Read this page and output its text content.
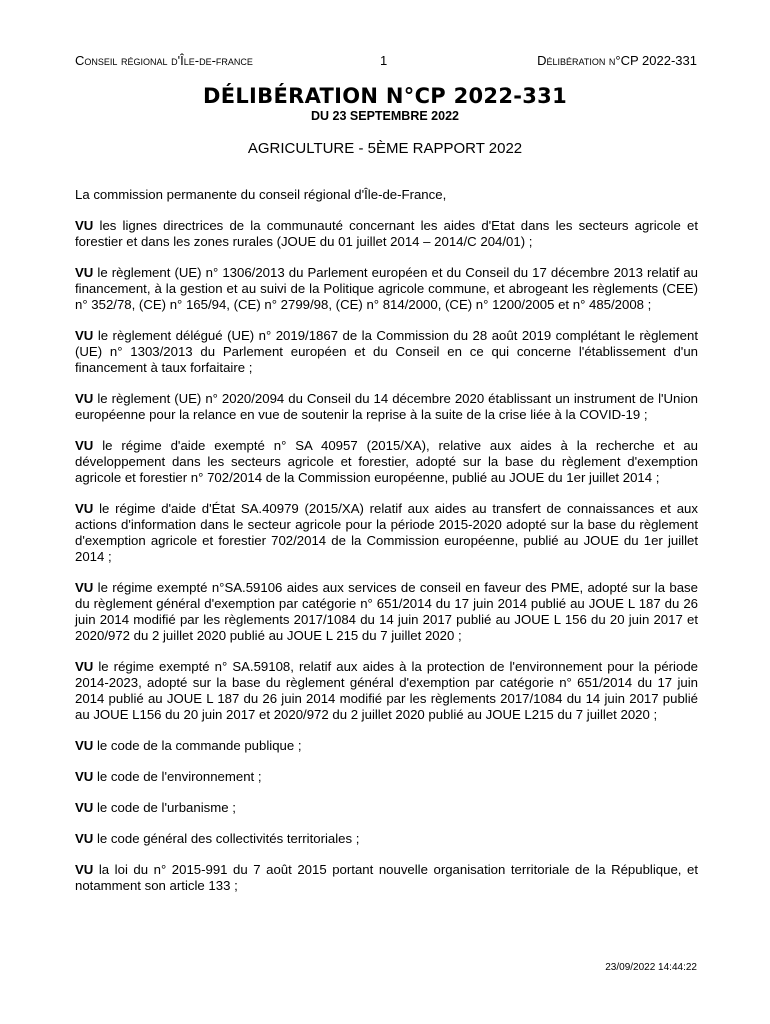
Conseil régional d'Île-de-france	1	Délibération n°CP 2022-331
DÉLIBÉRATION N°CP 2022-331
DU 23 SEPTEMBRE 2022
AGRICULTURE - 5ÈME RAPPORT 2022

La commission permanente du conseil régional d'Île-de-France,

VU les lignes directrices de la communauté concernant les aides d'Etat dans les secteurs agricole et forestier et dans les zones rurales (JOUE du 01 juillet 2014 – 2014/C 204/01) ;

VU le règlement (UE) n° 1306/2013 du Parlement européen et du Conseil du 17 décembre 2013 relatif au financement, à la gestion et au suivi de la Politique agricole commune, et abrogeant les règlements (CEE) n° 352/78, (CE) n° 165/94, (CE) n° 2799/98, (CE) n° 814/2000, (CE) n° 1200/2005 et n° 485/2008 ;

VU le règlement délégué (UE) n° 2019/1867 de la Commission du 28 août 2019 complétant le règlement (UE) n° 1303/2013 du Parlement européen et du Conseil en ce qui concerne l'établissement d'un financement à taux forfaitaire ;

VU le règlement (UE) n° 2020/2094 du Conseil du 14 décembre 2020 établissant un instrument de l'Union européenne pour la relance en vue de soutenir la reprise à la suite de la crise liée à la COVID-19 ;

VU le régime d'aide exempté n° SA 40957 (2015/XA), relative aux aides à la recherche et au développement dans les secteurs agricole et forestier, adopté sur la base du règlement d'exemption agricole et forestier n° 702/2014 de la Commission européenne, publié au JOUE du 1er juillet 2014 ;

VU le régime d'aide d'État SA.40979 (2015/XA) relatif aux aides au transfert de connaissances et aux actions d'information dans le secteur agricole pour la période 2015-2020 adopté sur la base du règlement d'exemption agricole et forestier 702/2014 de la Commission européenne, publié au JOUE du 1er juillet 2014 ;

VU le régime exempté n°SA.59106 aides aux services de conseil en faveur des PME, adopté sur la base du règlement général d'exemption par catégorie n° 651/2014 du 17 juin 2014 publié au JOUE L 187 du 26 juin 2014 modifié par les règlements 2017/1084 du 14 juin 2017 publié au JOUE L 156 du 20 juin 2017 et 2020/972 du 2 juillet 2020 publié au JOUE L 215 du 7 juillet 2020 ;

VU le régime exempté n° SA.59108, relatif aux aides à la protection de l'environnement pour la période 2014-2023, adopté sur la base du règlement général d'exemption par catégorie n° 651/2014 du 17 juin 2014 publié au JOUE L 187 du 26 juin 2014 modifié par les règlements 2017/1084 du 14 juin 2017 publié au JOUE L156 du 20 juin 2017 et 2020/972 du 2 juillet 2020 publié au JOUE L215 du 7 juillet 2020 ;

VU le code de la commande publique ;

VU le code de l'environnement ;

VU le code de l'urbanisme ;

VU le code général des collectivités territoriales ;

VU la loi du n° 2015-991 du 7 août 2015 portant nouvelle organisation territoriale de la République, et notamment son article 133 ;

23/09/2022 14:44:22
